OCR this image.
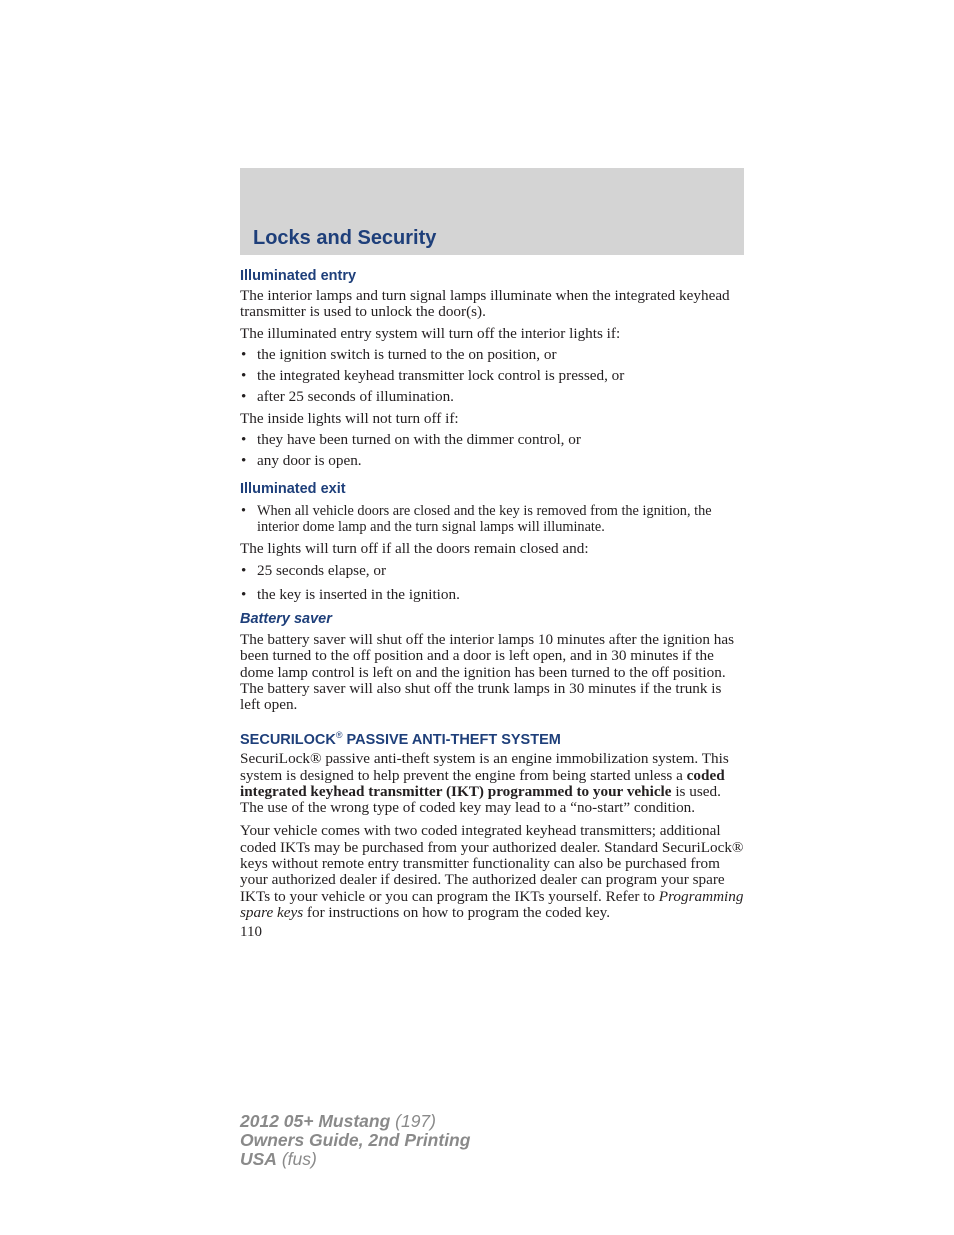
Locks and Security
Illuminated entry

The interior lamps and turn signal lamps illuminate when the integrated keyhead transmitter is used to unlock the door(s).

The illuminated entry system will turn off the interior lights if:

• the ignition switch is turned to the on position, or
• the integrated keyhead transmitter lock control is pressed, or
• after 25 seconds of illumination.

The inside lights will not turn off if:

• they have been turned on with the dimmer control, or
• any door is open.
Illuminated exit
• When all vehicle doors are closed and the key is removed from the ignition, the interior dome lamp and the turn signal lamps will illuminate.

The lights will turn off if all the doors remain closed and:

• 25 seconds elapse, or
• the key is inserted in the ignition.
Battery saver

The battery saver will shut off the interior lamps 10 minutes after the ignition has been turned to the off position and a door is left open, and in 30 minutes if the dome lamp control is left on and the ignition has been turned to the off position. The battery saver will also shut off the trunk lamps in 30 minutes if the trunk is left open.

SECURILOCK® PASSIVE ANTI-THEFT SYSTEM

SecuriLock® passive anti-theft system is an engine immobilization system. This system is designed to help prevent the engine from being started unless a coded integrated keyhead transmitter (IKT) programmed to your vehicle is used. The use of the wrong type of coded key may lead to a “no-start” condition.

Your vehicle comes with two coded integrated keyhead transmitters; additional coded IKTs may be purchased from your authorized dealer. Standard SecuriLock® keys without remote entry transmitter functionality can also be purchased from your authorized dealer if desired. The authorized dealer can program your spare IKTs to your vehicle or you can program the IKTs yourself. Refer to Programming spare keys for instructions on how to program the coded key.

110

2012 05+ Mustang (197)
Owners Guide, 2nd Printing
USA (fus)
